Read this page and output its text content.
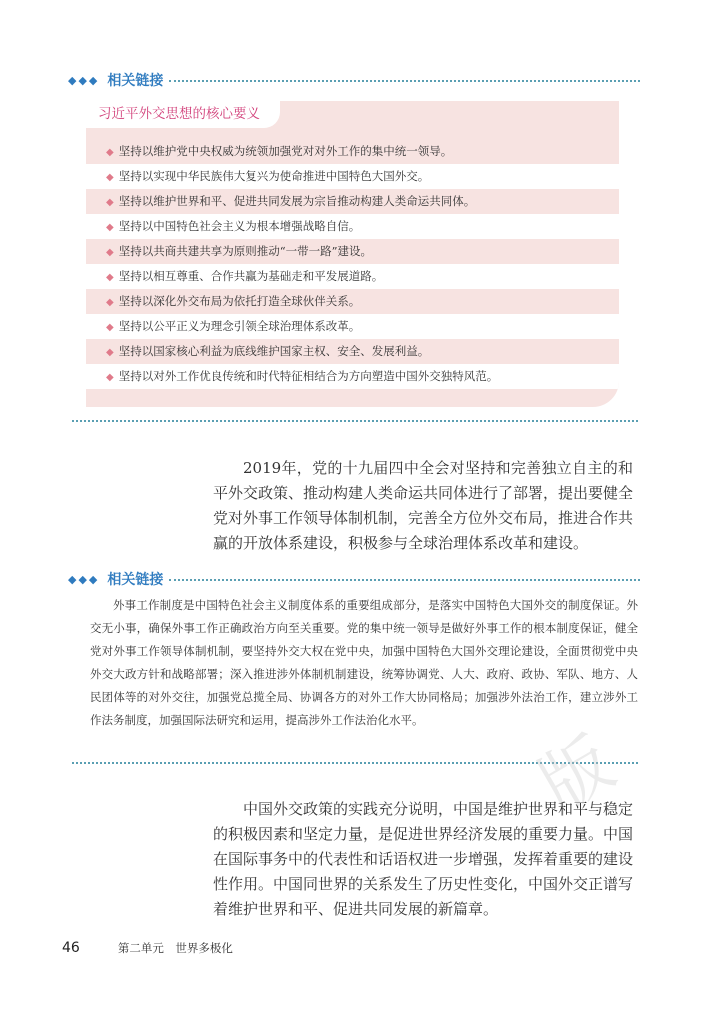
◆◆◆ 相关链接
习近平外交思想的核心要义
◆ 坚持以维护党中央权威为统领加强党对对外工作的集中统一领导。
◆ 坚持以实现中华民族伟大复兴为使命推进中国特色大国外交。
◆ 坚持以维护世界和平、促进共同发展为宗旨推动构建人类命运共同体。
◆ 坚持以中国特色社会主义为根本增强战略自信。
◆ 坚持以共商共建共享为原则推动“一带一路”建设。
◆ 坚持以相互尊重、合作共赢为基础走和平发展道路。
◆ 坚持以深化外交布局为依托打造全球伙伴关系。
◆ 坚持以公平正义为理念引领全球治理体系改革。
◆ 坚持以国家核心利益为底线维护国家主权、安全、发展利益。
◆ 坚持以对外工作优良传统和时代特征相结合为方向塑造中国外交独特风范。

2019年，党的十九届四中全会对坚持和完善独立自主的和平外交政策、推动构建人类命运共同体进行了部署，提出要健全党对外事工作领导体制机制，完善全方位外交布局，推进合作共赢的开放体系建设，积极参与全球治理体系改革和建设。

◆◆◆ 相关链接

外事工作制度是中国特色社会主义制度体系的重要组成部分，是落实中国特色大国外交的制度保证。外交无小事，确保外事工作正确政治方向至关重要。党的集中统一领导是做好外事工作的根本制度保证，健全党对外事工作领导体制机制，要坚持外交大权在党中央，加强中国特色大国外交理论建设，全面贯彻党中央外交大政方针和战略部署；深入推进涉外体制机制建设，统筹协调党、人大、政府、政协、军队、地方、人民团体等的对外交往，加强党总揽全局、协调各方的对外工作大协同格局；加强涉外法治工作，建立涉外工作法务制度，加强国际法研究和运用，提高涉外工作法治化水平。

版

中国外交政策的实践充分说明，中国是维护世界和平与稳定的积极因素和坚定力量，是促进世界经济发展的重要力量。中国在国际事务中的代表性和话语权进一步增强，发挥着重要的建设性作用。中国同世界的关系发生了历史性变化，中国外交正谱写着维护世界和平、促进共同发展的新篇章。

46	第二单元　世界多极化
